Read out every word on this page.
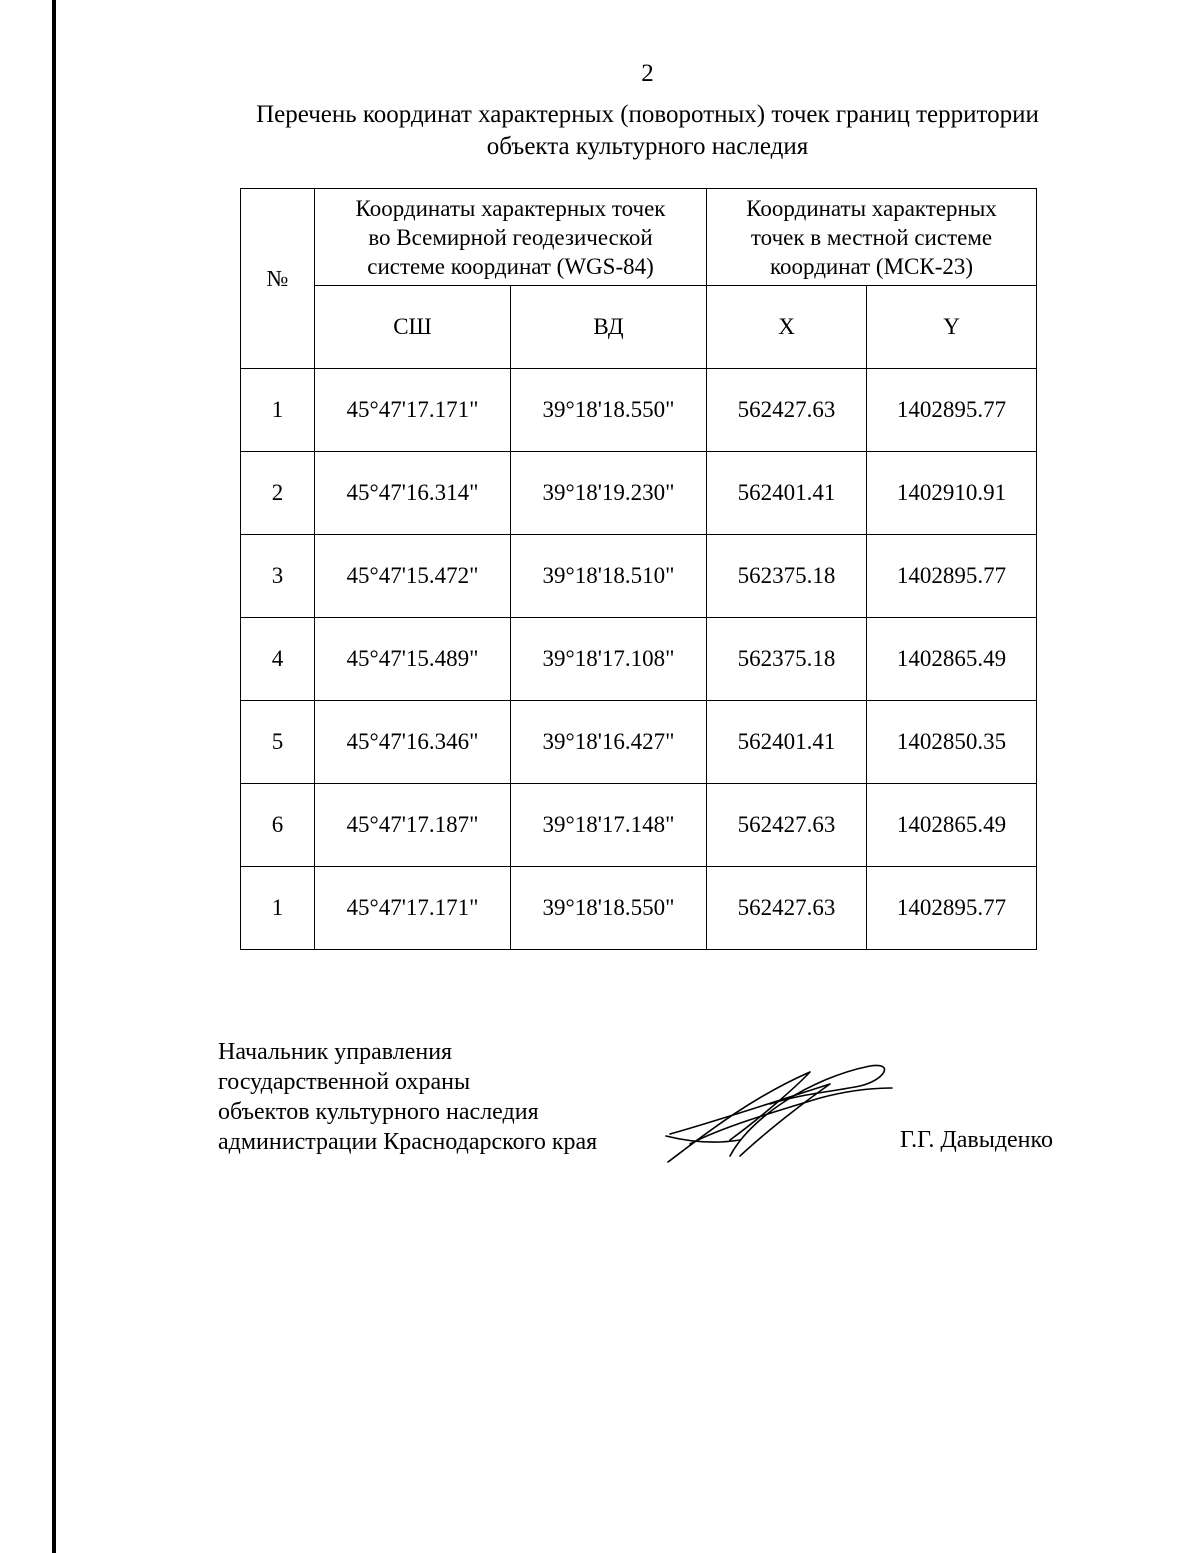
2
Перечень координат характерных (поворотных) точек границ территории
объекта культурного наследия
№	Координаты характерных точек
во Всемирной геодезической
системе координат (WGS-84)		Координаты характерных
точек в местной системе
координат (МСК-23)	

	СШ	ВД	X	Y
1	45°47'17.171"	39°18'18.550"	562427.63	1402895.77
2	45°47'16.314"	39°18'19.230"	562401.41	1402910.91
3	45°47'15.472"	39°18'18.510"	562375.18	1402895.77
4	45°47'15.489"	39°18'17.108"	562375.18	1402865.49
5	45°47'16.346"	39°18'16.427"	562401.41	1402850.35
6	45°47'17.187"	39°18'17.148"	562427.63	1402865.49
1	45°47'17.171"	39°18'18.550"	562427.63	1402895.77
Начальник управления
государственной охраны
объектов культурного наследия
администрации Краснодарского края	Г.Г. Давыденко
